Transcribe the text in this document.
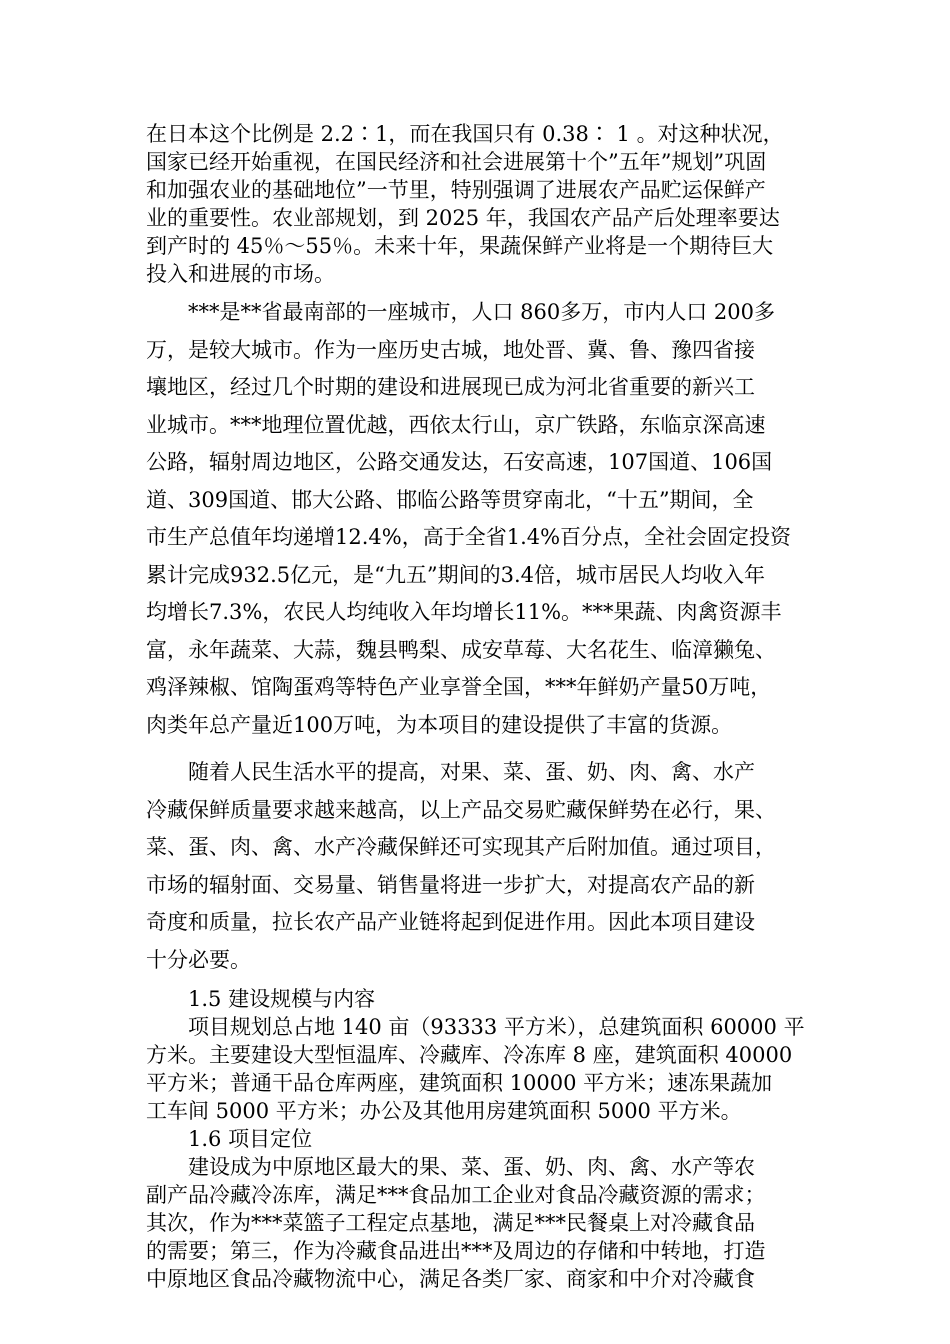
在日本这个比例是 2.2∶1，而在我国只有 0.38∶ 1 。对这种状况，
国家已经开始重视，在国民经济和社会进展第十个”五年”规划”巩固
和加强农业的基础地位”一节里，特别强调了进展农产品贮运保鲜产
业的重要性。农业部规划，到 2025 年，我国农产品产后处理率要达
到产时的 45％～55％。未来十年，果蔬保鲜产业将是一个期待巨大
投入和进展的市场。
***是**省最南部的一座城市，人口 860多万，市内人口 200多
万，是较大城市。作为一座历史古城，地处晋、冀、鲁、豫四省接
壤地区，经过几个时期的建设和进展现已成为河北省重要的新兴工
业城市。***地理位置优越，西依太行山，京广铁路，东临京深高速
公路，辐射周边地区，公路交通发达，石安高速，107国道、106国
道、309国道、邯大公路、邯临公路等贯穿南北，“十五”期间，全
市生产总值年均递增12.4%，高于全省1.4%百分点，全社会固定投资
累计完成932.5亿元，是“九五”期间的3.4倍，城市居民人均收入年
均增长7.3%，农民人均纯收入年均增长11%。***果蔬、肉禽资源丰
富，永年蔬菜、大蒜，魏县鸭梨、成安草莓、大名花生、临漳獭兔、
鸡泽辣椒、馆陶蛋鸡等特色产业享誉全国，***年鲜奶产量50万吨，
肉类年总产量近100万吨，为本项目的建设提供了丰富的货源。
随着人民生活水平的提高，对果、菜、蛋、奶、肉、禽、水产
冷藏保鲜质量要求越来越高，以上产品交易贮藏保鲜势在必行，果、
菜、蛋、肉、禽、水产冷藏保鲜还可实现其产后附加值。通过项目，
市场的辐射面、交易量、销售量将进一步扩大，对提高农产品的新
奇度和质量，拉长农产品产业链将起到促进作用。因此本项目建设
十分必要。
1.5 建设规模与内容
项目规划总占地 140 亩（93333 平方米），总建筑面积 60000 平
方米。主要建设大型恒温库、冷藏库、冷冻库 8 座，建筑面积 40000
平方米；普通干品仓库两座，建筑面积 10000 平方米；速冻果蔬加
工车间 5000 平方米；办公及其他用房建筑面积 5000 平方米。
1.6 项目定位
建设成为中原地区最大的果、菜、蛋、奶、肉、禽、水产等农
副产品冷藏冷冻库，满足***食品加工企业对食品冷藏资源的需求；
其次，作为***菜篮子工程定点基地，满足***民餐桌上对冷藏食品
的需要；第三，作为冷藏食品进出***及周边的存储和中转地，打造
中原地区食品冷藏物流中心，满足各类厂家、商家和中介对冷藏食
